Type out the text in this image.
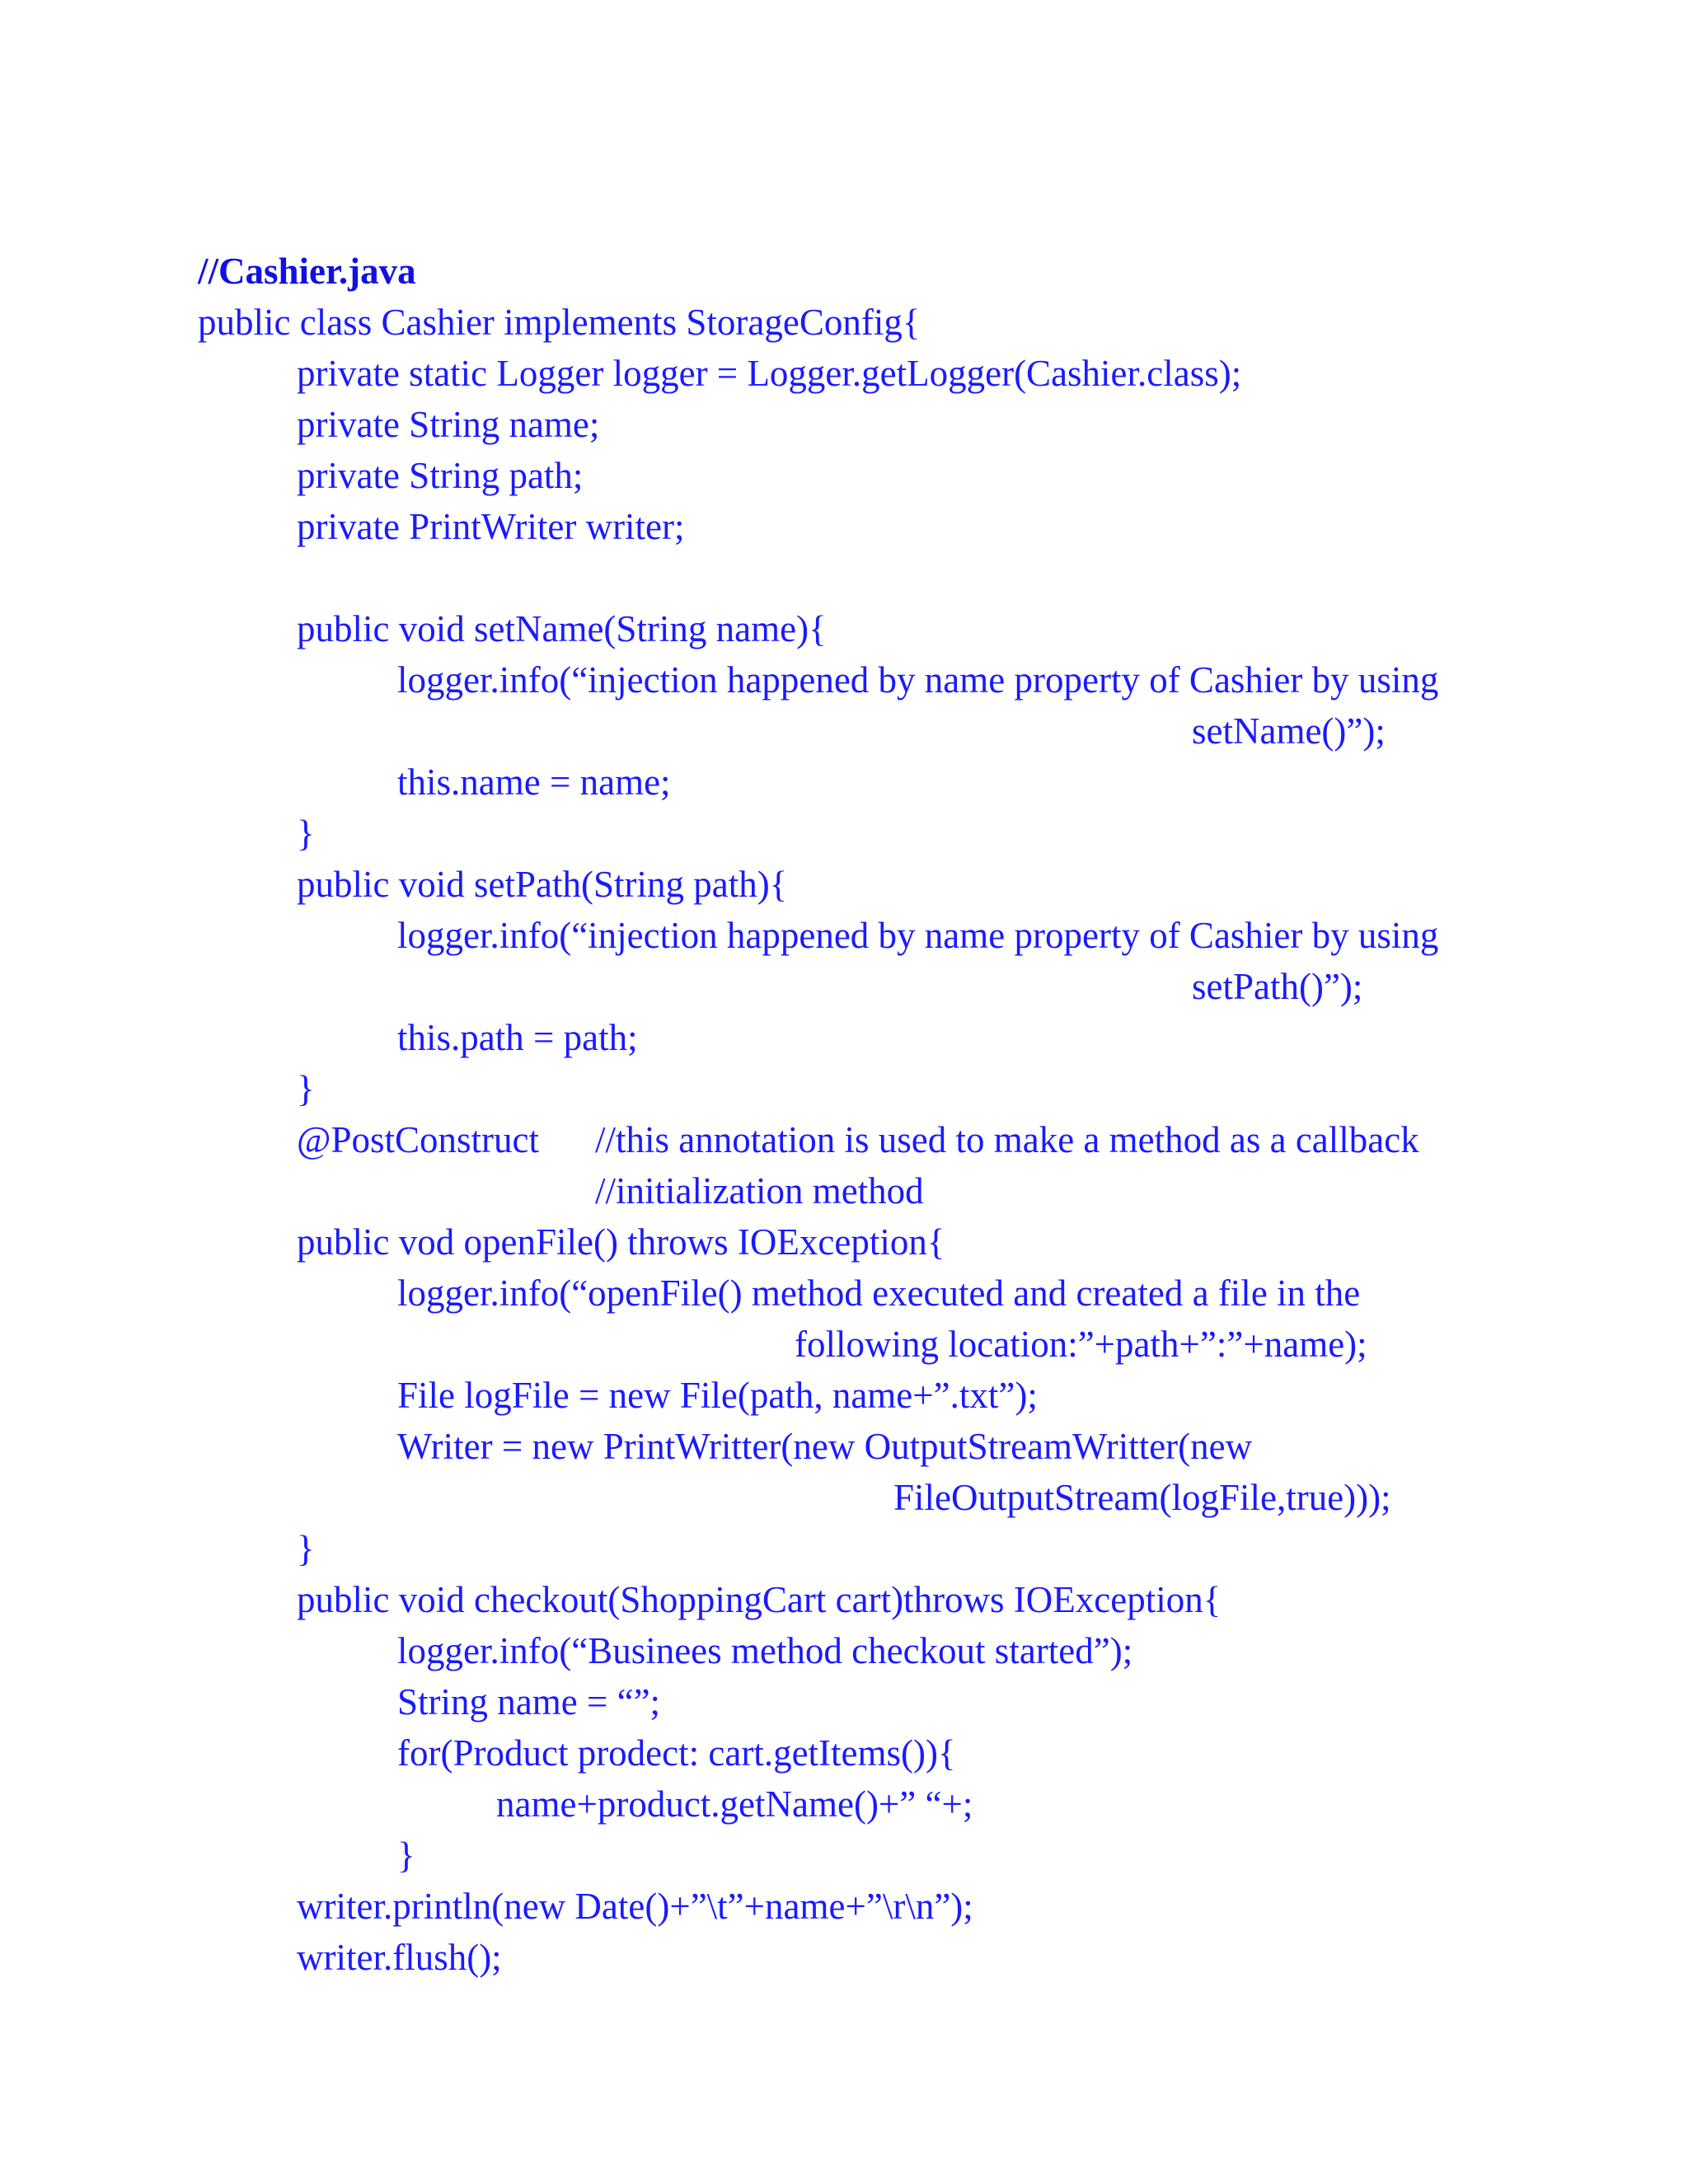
//Cashier.java
public class Cashier implements StorageConfig{
private static Logger logger = Logger.getLogger(Cashier.class);
private String name;
private String path;
private PrintWriter writer;
public void setName(String name){
logger.info(“injection happened by name property of Cashier by using
setName()”);
this.name = name;
}
public void setPath(String path){
logger.info(“injection happened by name property of Cashier by using
setPath()”);
this.path = path;
}
@PostConstruct //this annotation is used to make a method as a callback
//initialization method
public vod openFile() throws IOException{
logger.info(“openFile() method executed and created a file in the
following location:”+path+”:”+name);
File logFile = new File(path, name+”.txt”);
Writer = new PrintWritter(new OutputStreamWritter(new
FileOutputStream(logFile,true)));
}
public void checkout(ShoppingCart cart)throws IOException{
logger.info(“Businees method checkout started”);
String name = “”;
for(Product prodect: cart.getItems()){
name+product.getName()+” “+;
}
writer.println(new Date()+”\t”+name+”\r\n”);
writer.flush();
